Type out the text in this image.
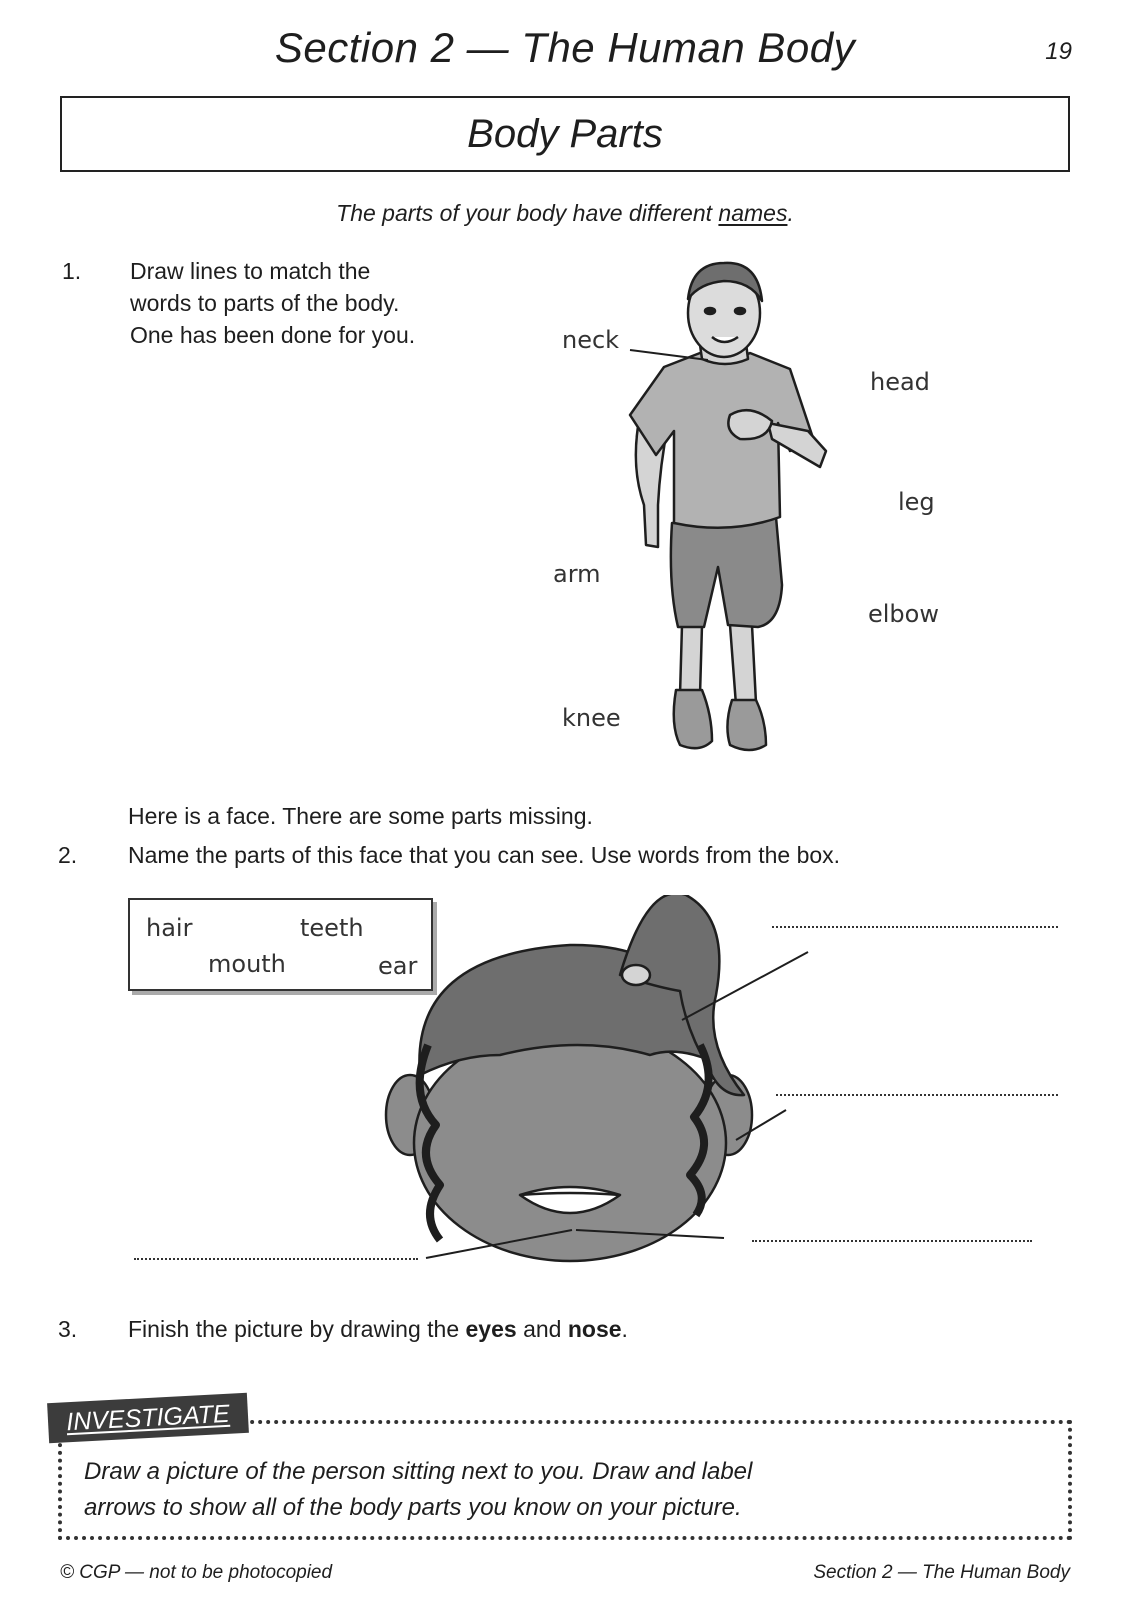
Section 2 — The Human Body	19
Body Parts
The parts of your body have different names.
1. Draw lines to match the
words to parts of the body.
One has been done for you.	neck
head
leg
arm
elbow
knee
Here is a face. There are some parts missing.
2. Name the parts of this face that you can see. Use words from the box.
hair	teeth
mouth	ear
3. Finish the picture by drawing the eyes and nose.
INVESTIGATE
Draw a picture of the person sitting next to you. Draw and label
arrows to show all of the body parts you know on your picture.
© CGP — not to be photocopied	Section 2 — The Human Body
